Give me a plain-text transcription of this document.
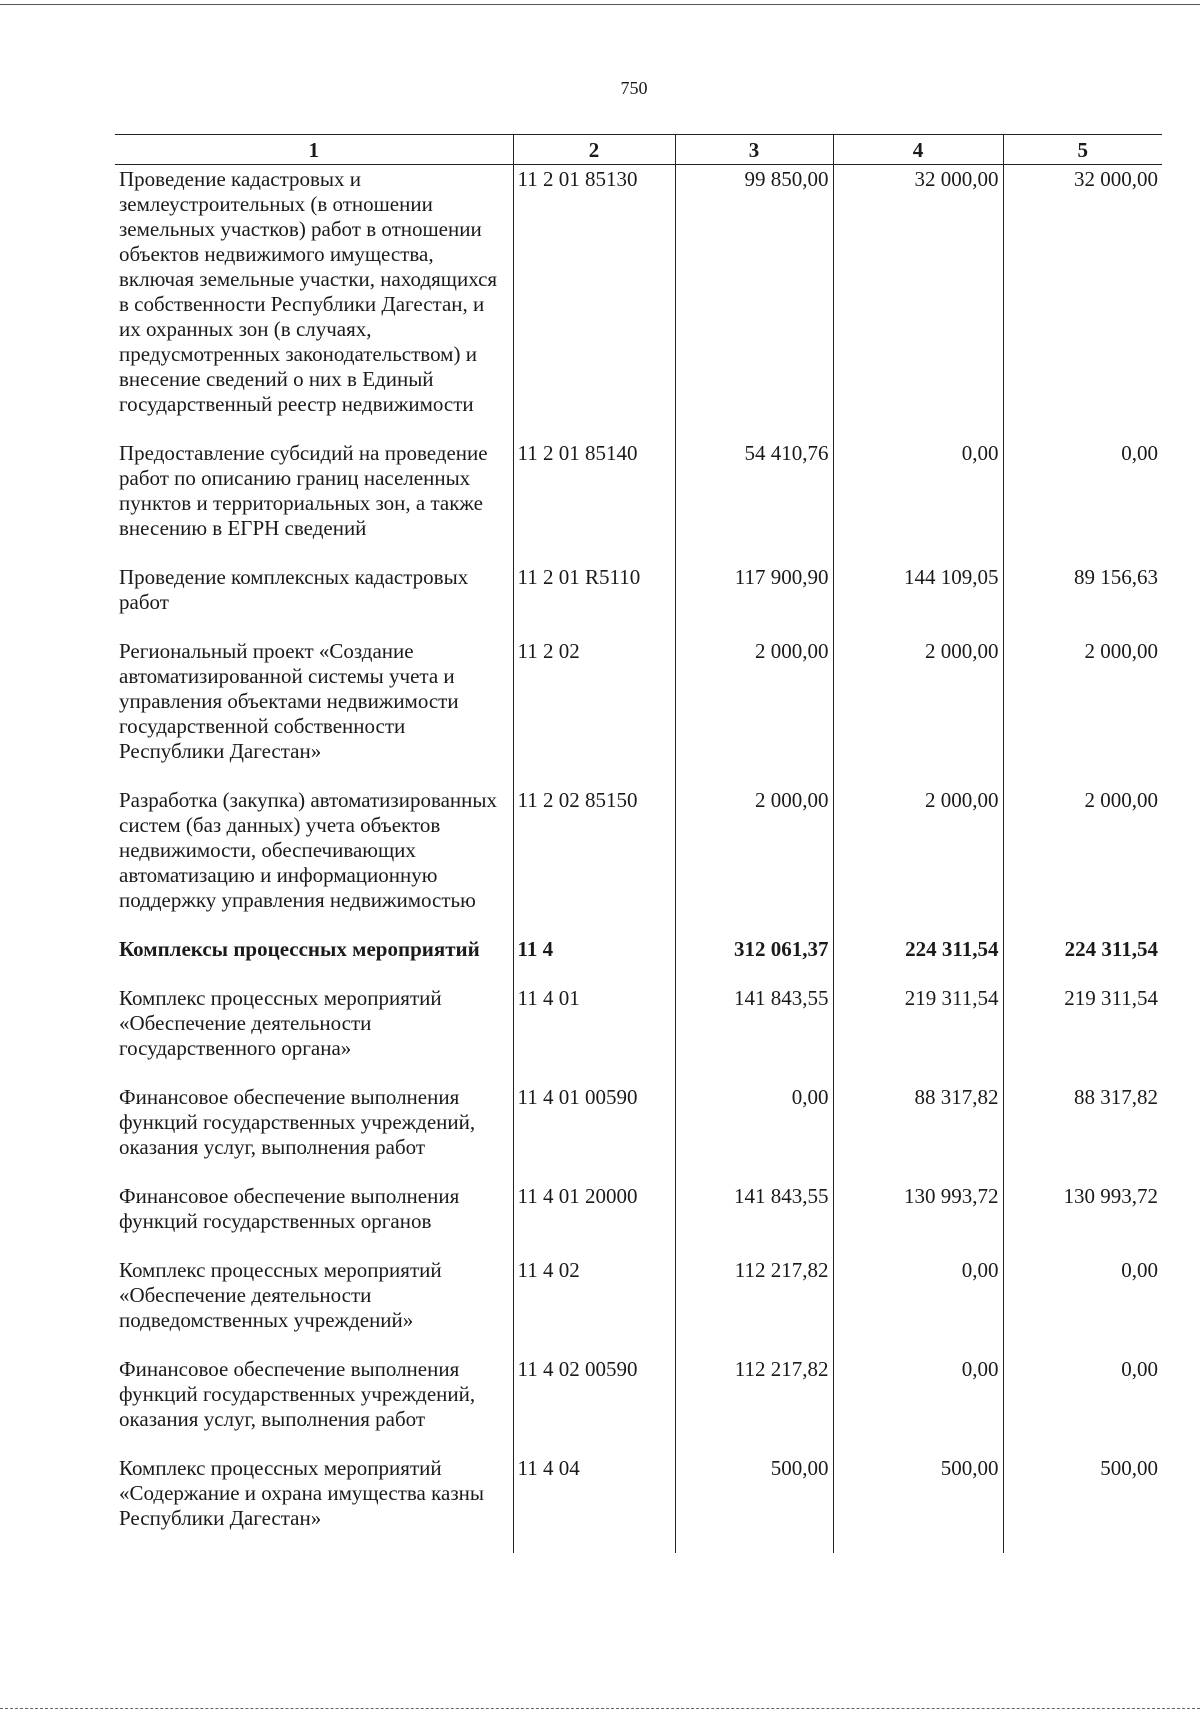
750
1	2	3	4	5
Проведение кадастровых и землеустроительных (в отношении земельных участков) работ в отношении объектов недвижимого имущества, включая земельные участки, находящихся в собственности Республики Дагестан, и их охранных зон (в случаях, предусмотренных законодательством) и внесение сведений о них в Единый государственный реестр недвижимости	11 2 01 85130	99 850,00	32 000,00	32 000,00

Предоставление субсидий на проведение работ по описанию границ населенных пунктов и территориальных зон, а также внесению в ЕГРН сведений	11 2 01 85140	54 410,76	0,00	0,00

Проведение комплексных кадастровых работ	11 2 01 R5110	117 900,90	144 109,05	89 156,63

Региональный проект «Создание автоматизированной системы учета и управления объектами недвижимости государственной собственности Республики Дагестан»	11 2 02	2 000,00	2 000,00	2 000,00

Разработка (закупка) автоматизированных систем (баз данных) учета объектов недвижимости, обеспечивающих автоматизацию и информационную поддержку управления недвижимостью	11 2 02 85150	2 000,00	2 000,00	2 000,00

Комплексы процессных мероприятий	11 4	312 061,37	224 311,54	224 311,54

Комплекс процессных мероприятий «Обеспечение деятельности государственного органа»	11 4 01	141 843,55	219 311,54	219 311,54

Финансовое обеспечение выполнения функций государственных учреждений, оказания услуг, выполнения работ	11 4 01 00590	0,00	88 317,82	88 317,82

Финансовое обеспечение выполнения функций государственных органов	11 4 01 20000	141 843,55	130 993,72	130 993,72

Комплекс процессных мероприятий «Обеспечение деятельности подведомственных учреждений»	11 4 02	112 217,82	0,00	0,00

Финансовое обеспечение выполнения функций государственных учреждений, оказания услуг, выполнения работ	11 4 02 00590	112 217,82	0,00	0,00

Комплекс процессных мероприятий «Содержание и охрана имущества казны Республики Дагестан»	11 4 04	500,00	500,00	500,00
